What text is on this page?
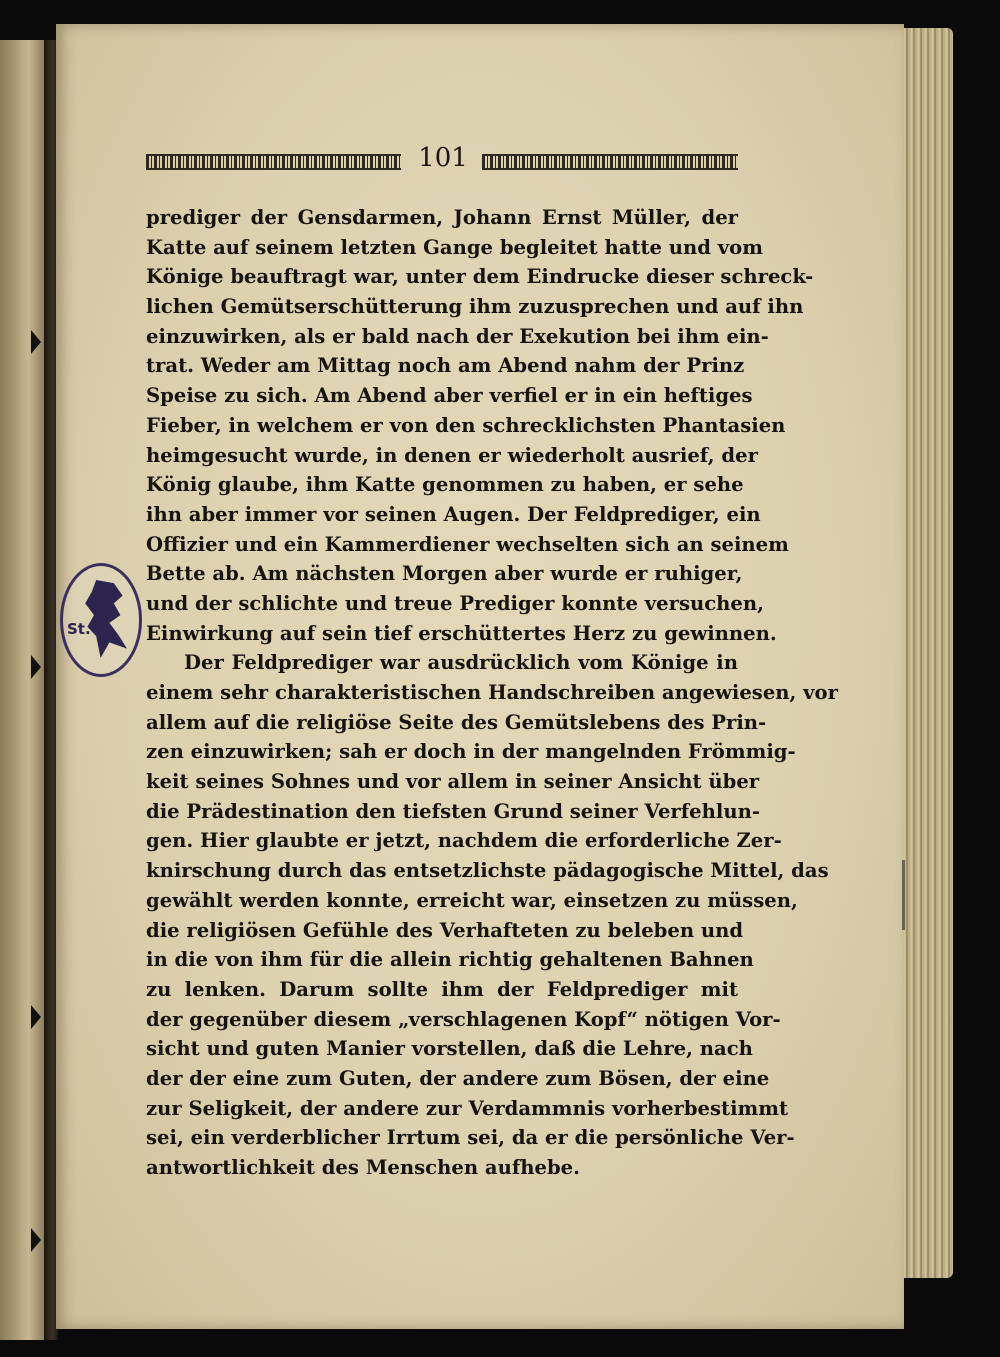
101
St.
prediger der Gensdarmen, Johann Ernst Müller, der
Katte auf seinem letzten Gange begleitet hatte und vom
Könige beauftragt war, unter dem Eindrucke dieser schreck-
lichen Gemütserschütterung ihm zuzusprechen und auf ihn
einzuwirken, als er bald nach der Exekution bei ihm ein-
trat. Weder am Mittag noch am Abend nahm der Prinz
Speise zu sich. Am Abend aber verfiel er in ein heftiges
Fieber, in welchem er von den schrecklichsten Phantasien
heimgesucht wurde, in denen er wiederholt ausrief, der
König glaube, ihm Katte genommen zu haben, er sehe
ihn aber immer vor seinen Augen. Der Feldprediger, ein
Offizier und ein Kammerdiener wechselten sich an seinem
Bette ab. Am nächsten Morgen aber wurde er ruhiger,
und der schlichte und treue Prediger konnte versuchen,
Einwirkung auf sein tief erschüttertes Herz zu gewinnen.
Der Feldprediger war ausdrücklich vom Könige in
einem sehr charakteristischen Handschreiben angewiesen, vor
allem auf die religiöse Seite des Gemütslebens des Prin-
zen einzuwirken; sah er doch in der mangelnden Frömmig-
keit seines Sohnes und vor allem in seiner Ansicht über
die Prädestination den tiefsten Grund seiner Verfehlun-
gen. Hier glaubte er jetzt, nachdem die erforderliche Zer-
knirschung durch das entsetzlichste pädagogische Mittel, das
gewählt werden konnte, erreicht war, einsetzen zu müssen,
die religiösen Gefühle des Verhafteten zu beleben und
in die von ihm für die allein richtig gehaltenen Bahnen
zu lenken. Darum sollte ihm der Feldprediger mit
der gegenüber diesem „verschlagenen Kopf“ nötigen Vor-
sicht und guten Manier vorstellen, daß die Lehre, nach
der der eine zum Guten, der andere zum Bösen, der eine
zur Seligkeit, der andere zur Verdammnis vorherbestimmt
sei, ein verderblicher Irrtum sei, da er die persönliche Ver-
antwortlichkeit des Menschen aufhebe.
